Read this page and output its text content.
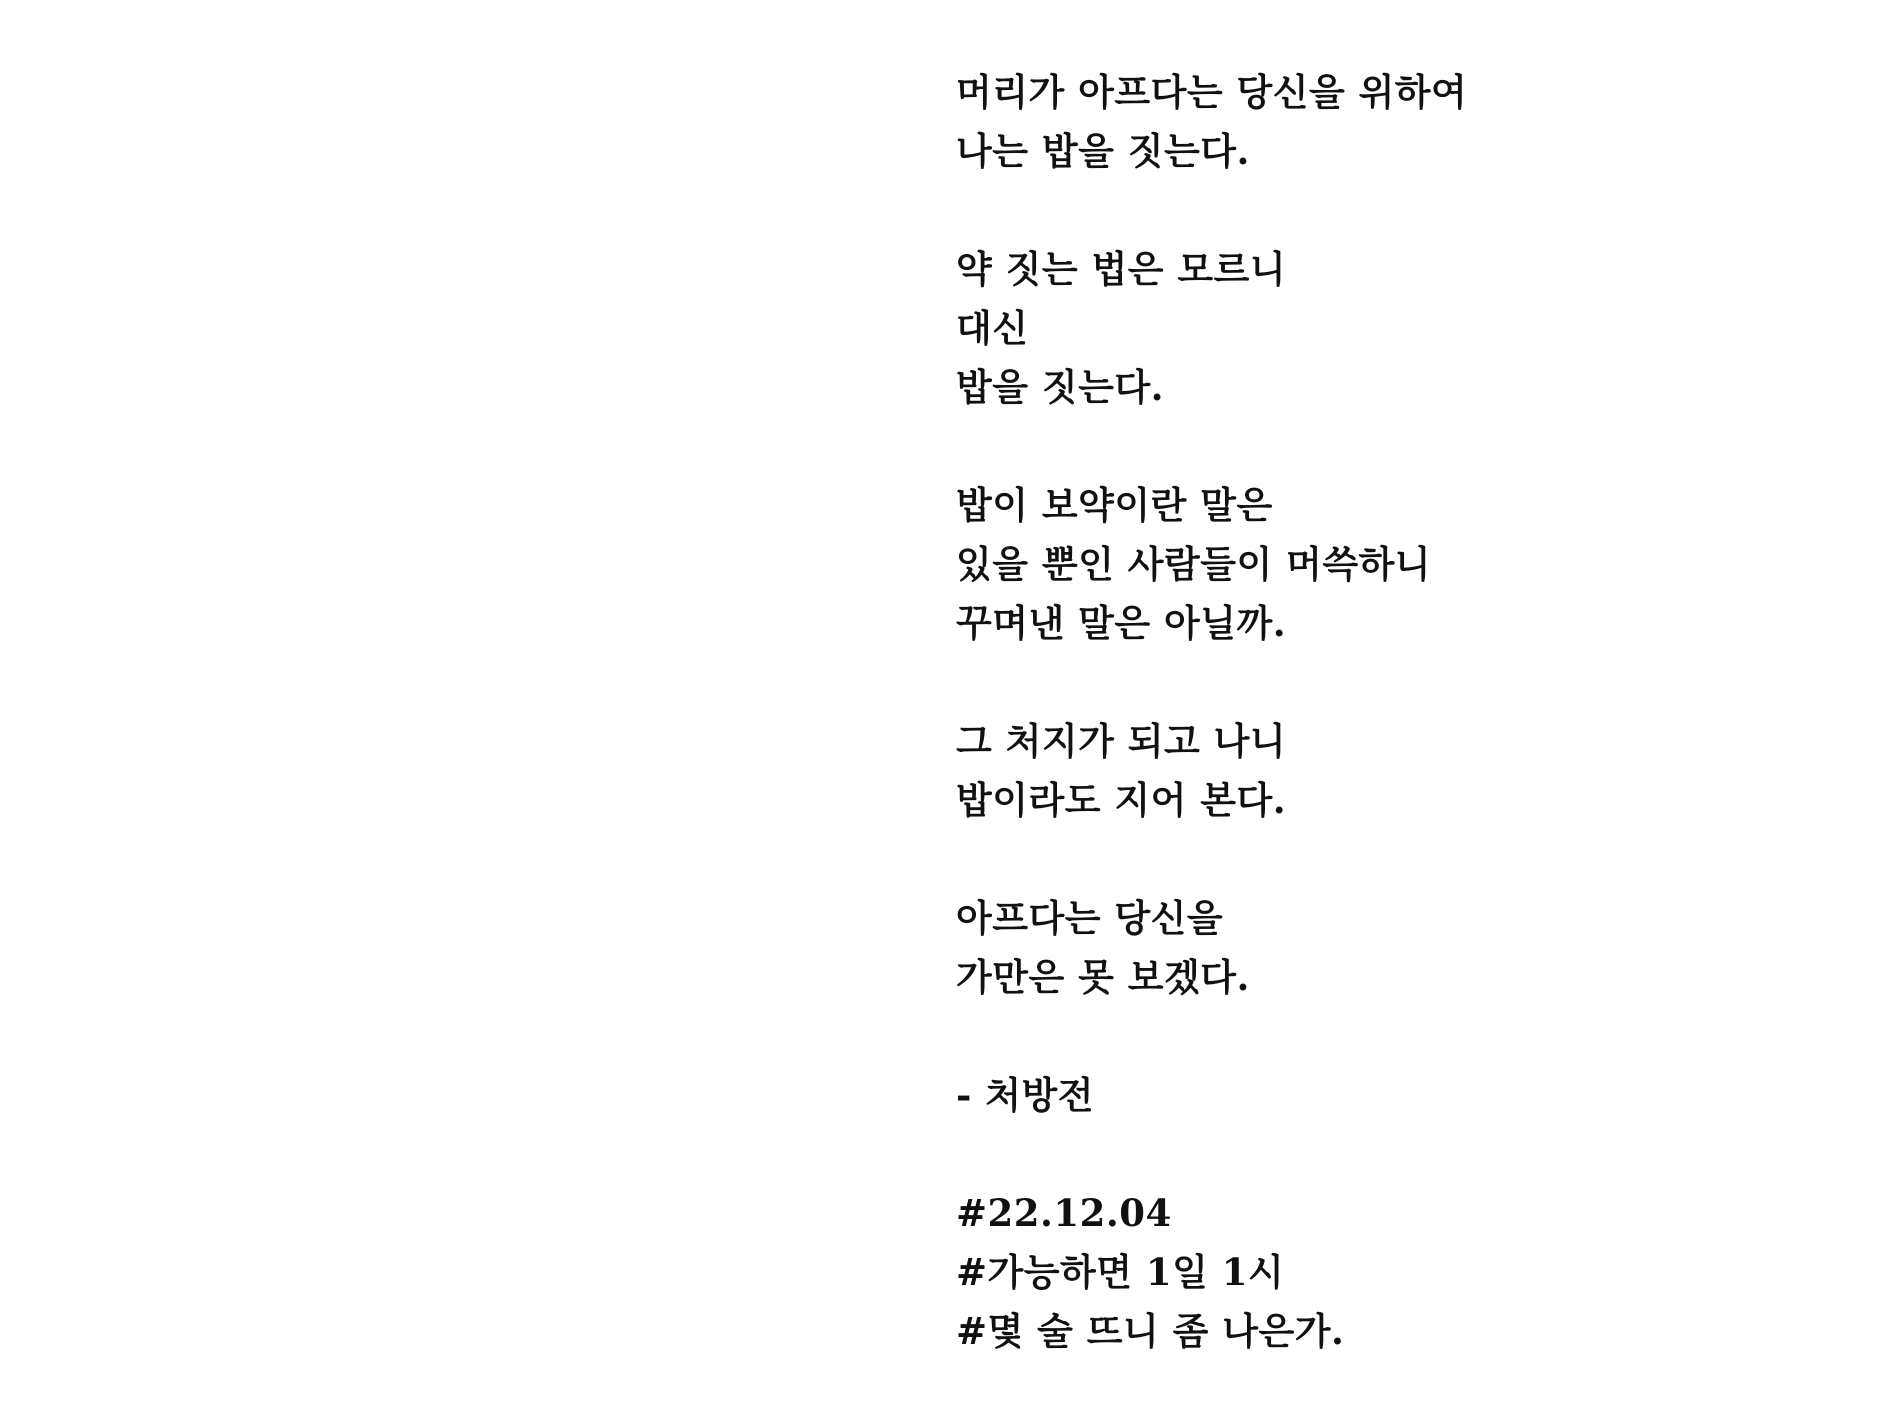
머리가 아프다는 당신을 위하여
나는 밥을 짓는다.
약 짓는 법은 모르니
대신
밥을 짓는다.
밥이 보약이란 말은
있을 뿐인 사람들이 머쓱하니
꾸며낸 말은 아닐까.
그 처지가 되고 나니
밥이라도 지어 본다.
아프다는 당신을
가만은 못 보겠다.
- 처방전
#22.12.04
#가능하면 1일 1시
#몇 술 뜨니 좀 나은가.
